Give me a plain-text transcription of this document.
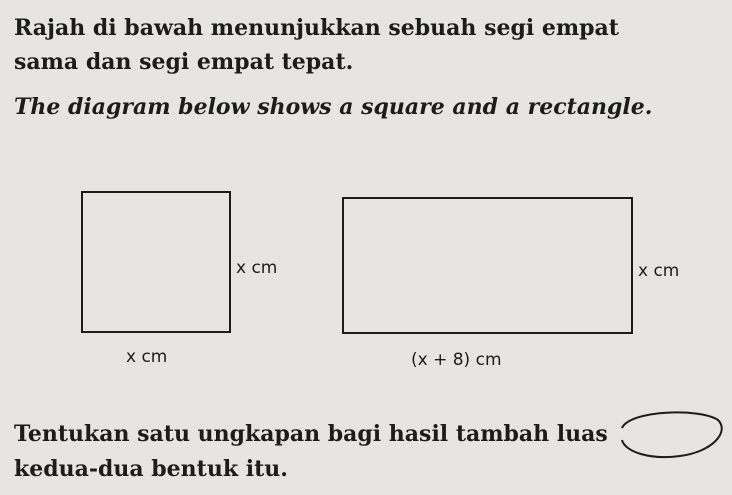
Rajah di bawah menunjukkan sebuah segi empat
sama dan segi empat tepat.
The diagram below shows a square and a rectangle.
x cm
x cm
x cm
(x + 8) cm
Tentukan satu ungkapan bagi hasil tambah luas
kedua-dua bentuk itu.
